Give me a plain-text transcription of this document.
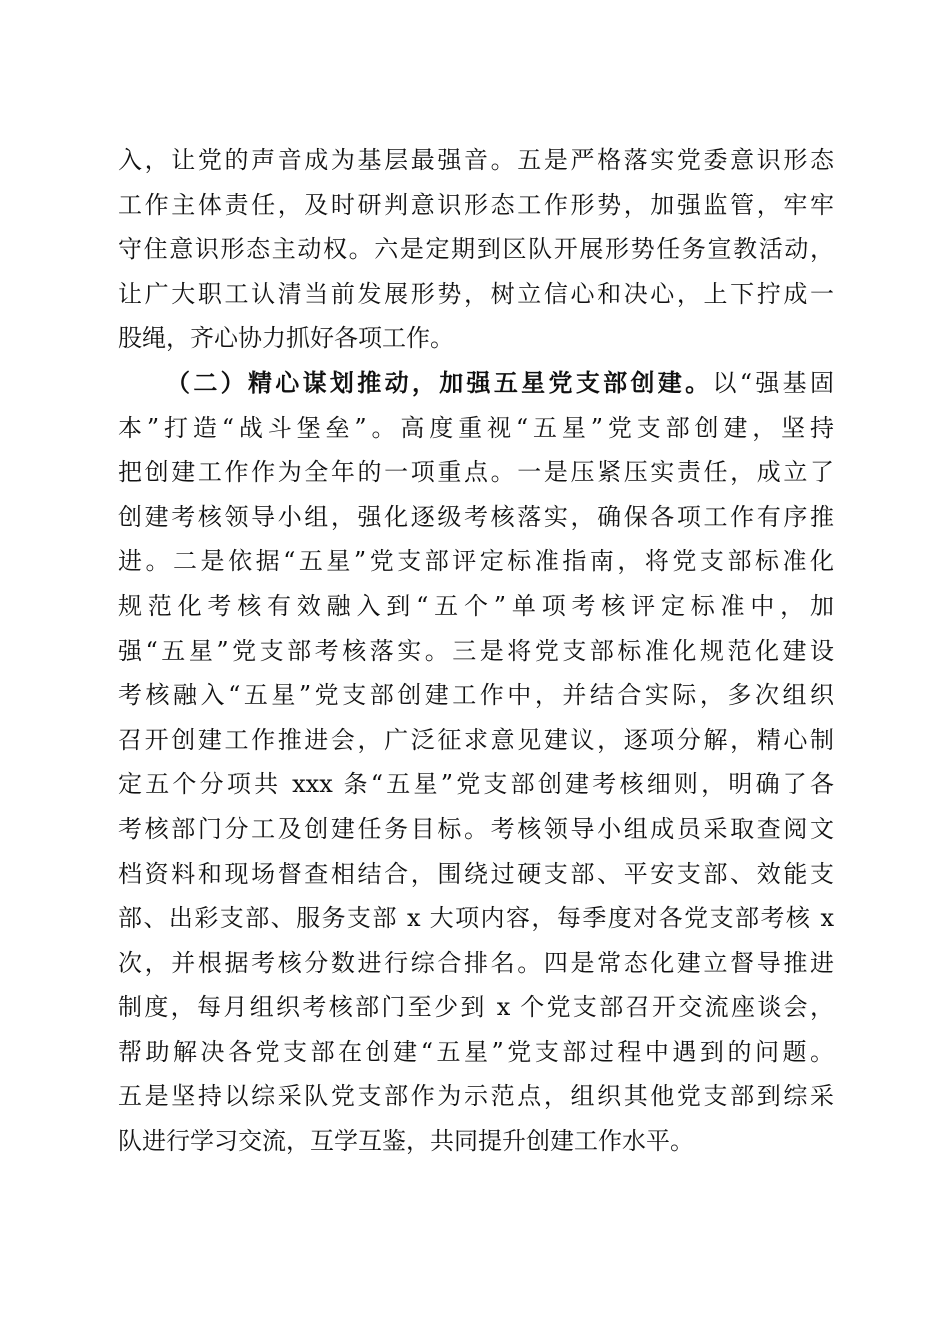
入，让党的声音成为基层最强音。五是严格落实党委意识形态
工作主体责任，及时研判意识形态工作形势，加强监管，牢牢
守住意识形态主动权。六是定期到区队开展形势任务宣教活动，
让广大职工认清当前发展形势，树立信心和决心，上下拧成一
股绳，齐心协力抓好各项工作。
（二）精心谋划推动，加强五星党支部创建。以“强基固
本”打造“战斗堡垒”。高度重视“五星”党支部创建，坚持
把创建工作作为全年的一项重点。一是压紧压实责任，成立了
创建考核领导小组，强化逐级考核落实，确保各项工作有序推
进。二是依据“五星”党支部评定标准指南，将党支部标准化
规范化考核有效融入到“五个”单项考核评定标准中，加
强“五星”党支部考核落实。三是将党支部标准化规范化建设
考核融入“五星”党支部创建工作中，并结合实际，多次组织
召开创建工作推进会，广泛征求意见建议，逐项分解，精心制
定五个分项共 xxx 条“五星”党支部创建考核细则，明确了各
考核部门分工及创建任务目标。考核领导小组成员采取查阅文
档资料和现场督查相结合，围绕过硬支部、平安支部、效能支
部、出彩支部、服务支部 x 大项内容，每季度对各党支部考核 x
次，并根据考核分数进行综合排名。四是常态化建立督导推进
制度，每月组织考核部门至少到 x 个党支部召开交流座谈会，
帮助解决各党支部在创建“五星”党支部过程中遇到的问题。
五是坚持以综采队党支部作为示范点，组织其他党支部到综采
队进行学习交流，互学互鉴，共同提升创建工作水平。
